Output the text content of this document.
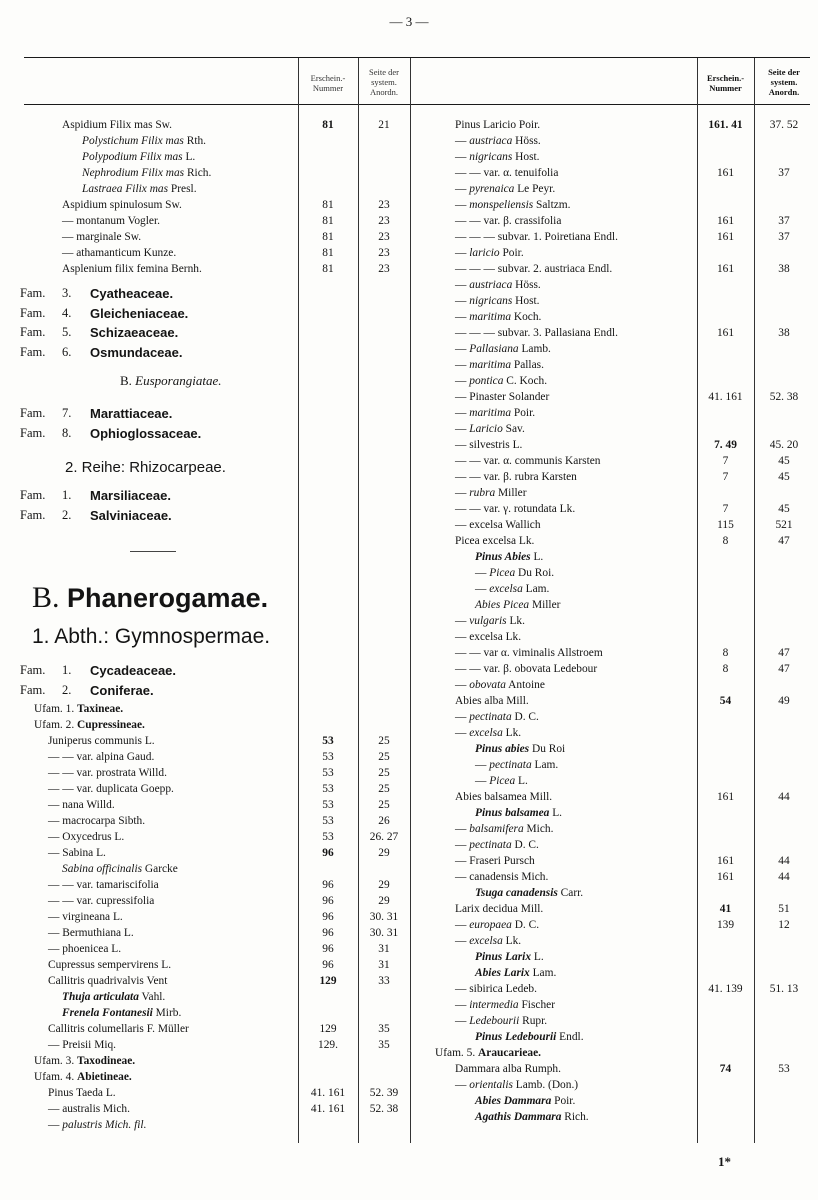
— 3 —
Erschein.-
Nummer
Seite der
system.
Anordn.
Erschein.-
Nummer
Seite der
system.
Anordn.
Aspidium Filix mas Sw.	81	21
Polystichum Filix mas Rth.
Polypodium Filix mas L.
Nephrodium Filix mas Rich.
Lastraea Filix mas Presl.
Aspidium spinulosum Sw.	81	23
— montanum Vogler.	81	23
— marginale Sw.	81	23
— athamanticum Kunze.	81	23
Asplenium filix femina Bernh.	81	23
Fam. 3. Cyatheaceae.
Fam. 4. Gleicheniaceae.
Fam. 5. Schizaeaceae.
Fam. 6. Osmundaceae.
B. Eusporangiatae.
Fam. 7. Marattiaceae.
Fam. 8. Ophioglossaceae.
2. Reihe: Rhizocarpeae.
Fam. 1. Marsiliaceae.
Fam. 2. Salviniaceae.
B. Phanerogamae.
1. Abth.: Gymnospermae.
Fam. 1. Cycadeaceae.
Fam. 2. Coniferae.
Ufam. 1. Taxineae.
Ufam. 2. Cupressineae.
Juniperus communis L.	53	25
— — var. alpina Gaud.	53	25
— — var. prostrata Willd.	53	25
— — var. duplicata Goepp.	53	25
— nana Willd.	53	25
— macrocarpa Sibth.	53	26
— Oxycedrus L.	53	26. 27
— Sabina L.	96	29
Sabina officinalis Garcke
— — var. tamariscifolia	96	29
— — var. cupressifolia	96	29
— virgineana L.	96	30. 31
— Bermuthiana L.	96	30. 31
— phoenicea L.	96	31
Cupressus sempervirens L.	96	31
Callitris quadrivalvis Vent	129	33
Thuja articulata Vahl.
Frenela Fontanesii Mirb.
Callitris columellaris F. Müller	129	35
— Preisii Miq.	129.	35
Ufam. 3. Taxodineae.
Ufam. 4. Abietineae.
Pinus Taeda L.	41. 161	52. 39
— australis Mich.	41. 161	52. 38
— palustris Mich. fil.
Pinus Laricio Poir.	161. 41	37. 52
— austriaca Höss.
— nigricans Host.
— — var. α. tenuifolia	161	37
— pyrenaica Le Peyr.
— monspeliensis Saltzm.
— — var. β. crassifolia	161	37
— — — subvar. 1. Poiretiana Endl.	161	37
— laricio Poir.
— — — subvar. 2. austriaca Endl.	161	38
— austriaca Höss.
— nigricans Host.
— maritima Koch.
— — — subvar. 3. Pallasiana Endl.	161	38
— Pallasiana Lamb.
— maritima Pallas.
— pontica C. Koch.
— Pinaster Solander	41. 161	52. 38
— maritima Poir.
— Laricio Sav.
— silvestris L.	7. 49	45. 20
— — var. α. communis Karsten	7	45
— — var. β. rubra Karsten	7	45
— rubra Miller
— — var. γ. rotundata Lk.	7	45
— excelsa Wallich	115	521
Picea excelsa Lk.	8	47
Pinus Abies L.
— Picea Du Roi.
— excelsa Lam.
Abies Picea Miller
— vulgaris Lk.
— excelsa Lk.
— — var α. viminalis Allstroem	8	47
— — var. β. obovata Ledebour	8	47
— obovata Antoine
Abies alba Mill.	54	49
— pectinata D. C.
— excelsa Lk.
Pinus abies Du Roi
— pectinata Lam.
— Picea L.
Abies balsamea Mill.	161	44
Pinus balsamea L.
— balsamifera Mich.
— pectinata D. C.
— Fraseri Pursch	161	44
— canadensis Mich.	161	44
Tsuga canadensis Carr.
Larix decidua Mill.	41	51
— europaea D. C.	139	12
— excelsa Lk.
Pinus Larix L.
Abies Larix Lam.
— sibirica Ledeb.	41. 139	51. 13
— intermedia Fischer
— Ledebourii Rupr.
Pinus Ledebourii Endl.
Ufam. 5. Araucarieae.
Dammara alba Rumph.	74	53
— orientalis Lamb. (Don.)
Abies Dammara Poir.
Agathis Dammara Rich.
1*
